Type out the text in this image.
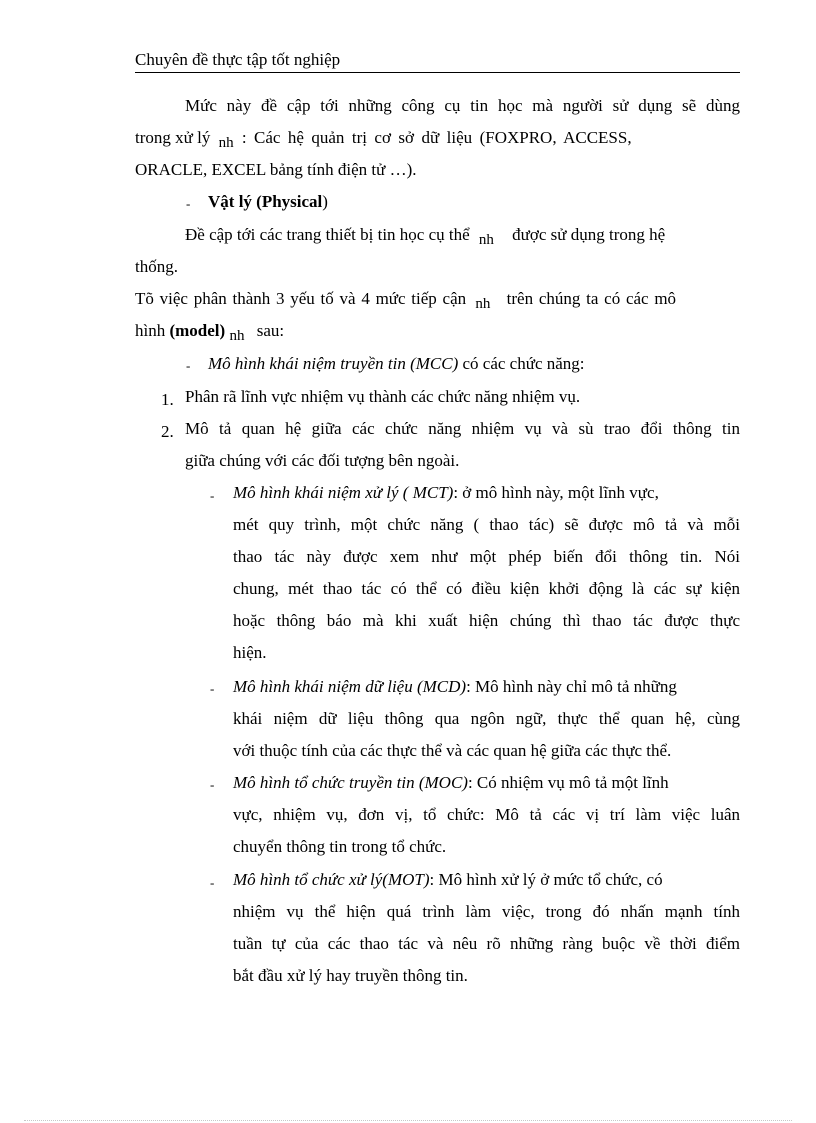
Chuyên đề thực tập tốt nghiệp
Mức này đề cập tới những công cụ tin học mà người sử dụng sẽ dùng
trong xử lý nh : Các hệ quản trị cơ sở dữ liệu (FOXPRO, ACCESS,
ORACLE, EXCEL bảng tính điện tử …).
- Vật lý (Physical)
Đề cập tới các trang thiết bị tin học cụ thể nh được sử dụng trong hệ
thống.
Tõ việc phân thành 3 yếu tố và 4 mức tiếp cận nh trên chúng ta có các mô
hình (model) nh sau:
- Mô hình khái niệm truyền tin (MCC) có các chức năng:
1. Phân rã lĩnh vực nhiệm vụ thành các chức năng nhiệm vụ.
2. Mô tả quan hệ giữa các chức năng nhiệm vụ và sù trao đổi thông tin
giữa chúng với các đối tượng bên ngoài.
- Mô hình khái niệm xử lý ( MCT): ở mô hình này, một lĩnh vực,
mét quy trình, một chức năng ( thao tác) sẽ được mô tả và mỗi
thao tác này được xem như một phép biến đổi thông tin. Nói
chung, mét thao tác có thể có điều kiện khởi động là các sự kiện
hoặc thông báo mà khi xuất hiện chúng thì thao tác được thực
hiện.
- Mô hình khái niệm dữ liệu (MCD): Mô hình này chỉ mô tả những
khái niệm dữ liệu thông qua ngôn ngữ, thực thể quan hệ, cùng
với thuộc tính của các thực thể và các quan hệ giữa các thực thể.
- Mô hình tổ chức truyền tin (MOC): Có nhiệm vụ mô tả một lĩnh
vực, nhiệm vụ, đơn vị, tổ chức: Mô tả các vị trí làm việc luân
chuyển thông tin trong tổ chức.
- Mô hình tổ chức xử lý(MOT): Mô hình xử lý ở mức tổ chức, có
nhiệm vụ thể hiện quá trình làm việc, trong đó nhấn mạnh tính
tuần tự của các thao tác và nêu rõ những ràng buộc về thời điểm
bắt đầu xử lý hay truyền thông tin.
